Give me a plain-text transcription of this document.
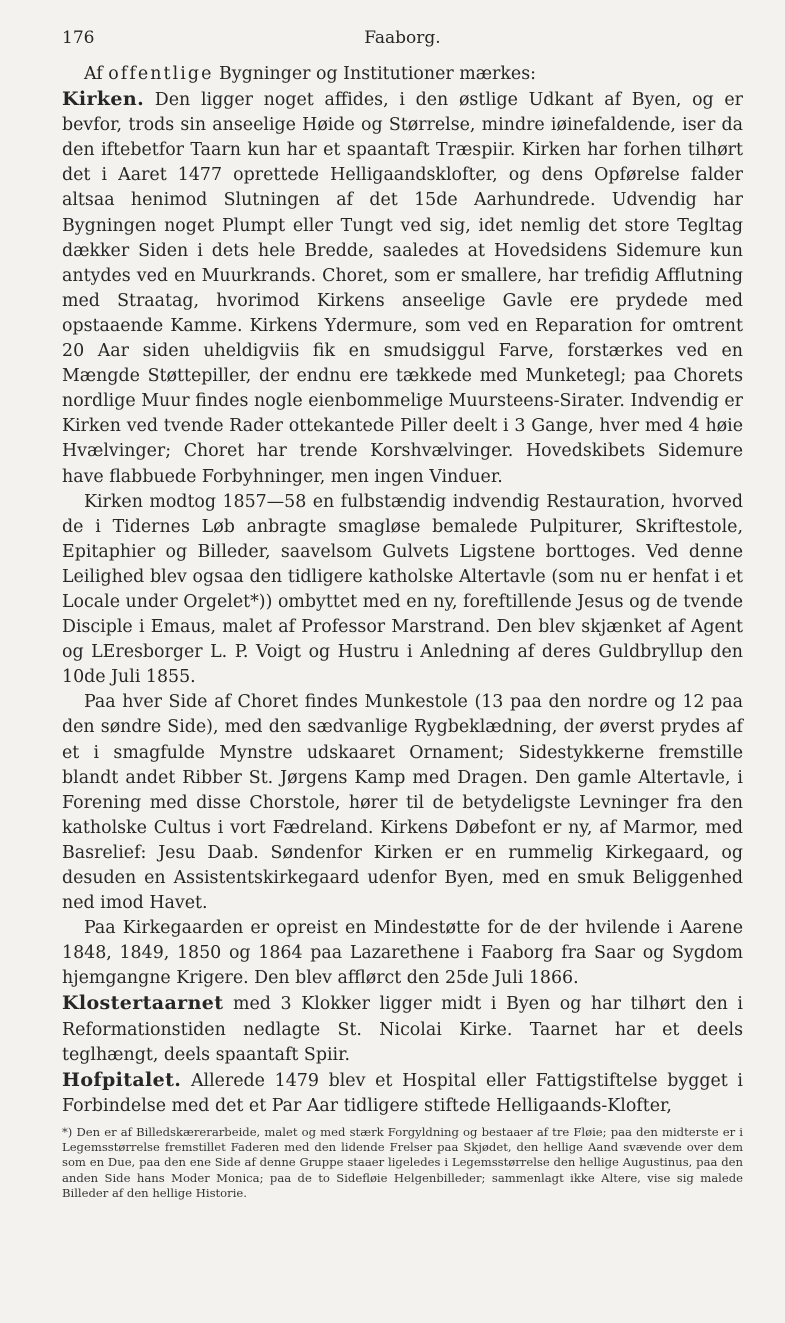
176	Faaborg.

Af offentlige Bygninger og Institutioner mærkes:

Kirken. Den ligger noget affides, i den østlige Udkant af Byen, og er bevfor, trods sin anseelige Høide og Størrelse, mindre iøinefaldende, iser da den iftebetfor Taarn kun har et spaantaft Træspiir. Kirken har forhen tilhørt det i Aaret 1477 oprettede Helligaandsklofter, og dens Opførelse falder altsaa henimod Slutningen af det 15de Aarhundrede. Udvendig har Bygningen noget Plumpt eller Tungt ved sig, idet nemlig det store Tegltag dækker Siden i dets hele Bredde, saaledes at Hovedsidens Sidemure kun antydes ved en Muurkrands. Choret, som er smallere, har trefidig Afflutning med Straatag, hvorimod Kirkens anseelige Gavle ere prydede med opstaaende Kamme. Kirkens Ydermure, som ved en Reparation for omtrent 20 Aar siden uheldigviis fik en smudsiggul Farve, forstærkes ved en Mængde Støttepiller, der endnu ere tækkede med Munketegl; paa Chorets nordlige Muur findes nogle eienbommelige Muursteens-Sirater. Indvendig er Kirken ved tvende Rader ottekantede Piller deelt i 3 Gange, hver med 4 høie Hvælvinger; Choret har trende Korshvælvinger. Hovedskibets Sidemure have flabbuede Forbyhninger, men ingen Vinduer.

Kirken modtog 1857—58 en fulbstændig indvendig Restauration, hvorved de i Tidernes Løb anbragte smagløse bemalede Pulpiturer, Skriftestole, Epitaphier og Billeder, saavelsom Gulvets Ligstene borttoges. Ved denne Leilighed blev ogsaa den tidligere katholske Altertavle (som nu er henfat i et Locale under Orgelet*)) ombyttet med en ny, foreftillende Jesus og de tvende Disciple i Emaus, malet af Professor Marstrand. Den blev skjænket af Agent og LEresborger L. P. Voigt og Hustru i Anledning af deres Guldbryllup den 10de Juli 1855.

Paa hver Side af Choret findes Munkestole (13 paa den nordre og 12 paa den søndre Side), med den sædvanlige Rygbeklædning, der øverst prydes af et i smagfulde Mynstre udskaaret Ornament; Sidestykkerne fremstille blandt andet Ribber St. Jørgens Kamp med Dragen. Den gamle Altertavle, i Forening med disse Chorstole, hører til de betydeligste Levninger fra den katholske Cultus i vort Fædreland. Kirkens Døbefont er ny, af Marmor, med Basrelief: Jesu Daab. Søndenfor Kirken er en rummelig Kirkegaard, og desuden en Assistentskirkegaard udenfor Byen, med en smuk Beliggenhed ned imod Havet.

Paa Kirkegaarden er opreist en Mindestøtte for de der hvilende i Aarene 1848, 1849, 1850 og 1864 paa Lazarethene i Faaborg fra Saar og Sygdom hjemgangne Krigere. Den blev afflørct den 25de Juli 1866.

Klostertaarnet med 3 Klokker ligger midt i Byen og har tilhørt den i Reformationstiden nedlagte St. Nicolai Kirke. Taarnet har et deels teglhængt, deels spaantaft Spiir.

Hofpitalet. Allerede 1479 blev et Hospital eller Fattigstiftelse bygget i Forbindelse med det et Par Aar tidligere stiftede Helligaands-Klofter,

*) Den er af Billedskærerarbeide, malet og med stærk Forgyldning og bestaaer af tre Fløie; paa den midterste er i Legemsstørrelse fremstillet Faderen med den lidende Frelser paa Skjødet, den hellige Aand svævende over dem som en Due, paa den ene Side af denne Gruppe staaer ligeledes i Legemsstørrelse den hellige Augustinus, paa den anden Side hans Moder Monica; paa de to Sidefløie Helgenbilleder; sammenlagt ikke Altere, vise sig malede Billeder af den hellige Historie.
